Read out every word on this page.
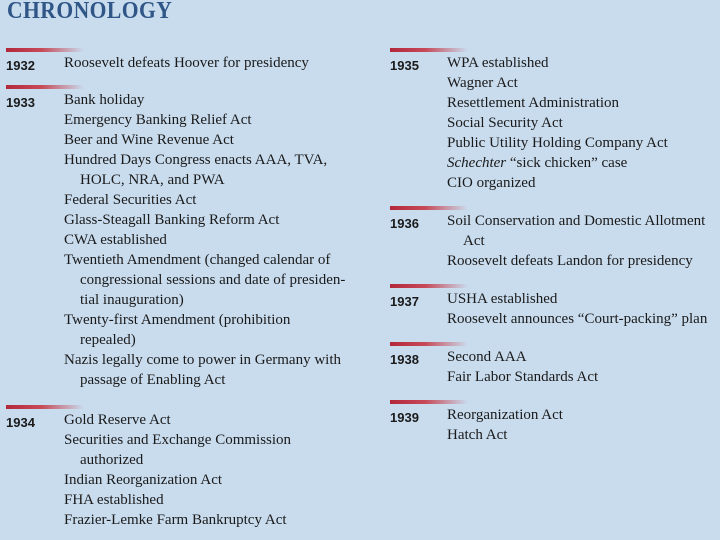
CHRONOLOGY
1932 Roosevelt defeats Hoover for presidency
1933 Bank holiday
Emergency Banking Relief Act
Beer and Wine Revenue Act
Hundred Days Congress enacts AAA, TVA,
HOLC, NRA, and PWA
Federal Securities Act
Glass-Steagall Banking Reform Act
CWA established
Twentieth Amendment (changed calendar of
congressional sessions and date of presiden-
tial inauguration)
Twenty-first Amendment (prohibition
repealed)
Nazis legally come to power in Germany with
passage of Enabling Act
1934 Gold Reserve Act
Securities and Exchange Commission
authorized
Indian Reorganization Act
FHA established
Frazier-Lemke Farm Bankruptcy Act
1935 WPA established
Wagner Act
Resettlement Administration
Social Security Act
Public Utility Holding Company Act
Schechter “sick chicken” case
CIO organized
1936 Soil Conservation and Domestic Allotment
Act
Roosevelt defeats Landon for presidency
1937 USHA established
Roosevelt announces “Court-packing” plan
1938 Second AAA
Fair Labor Standards Act
1939 Reorganization Act
Hatch Act
